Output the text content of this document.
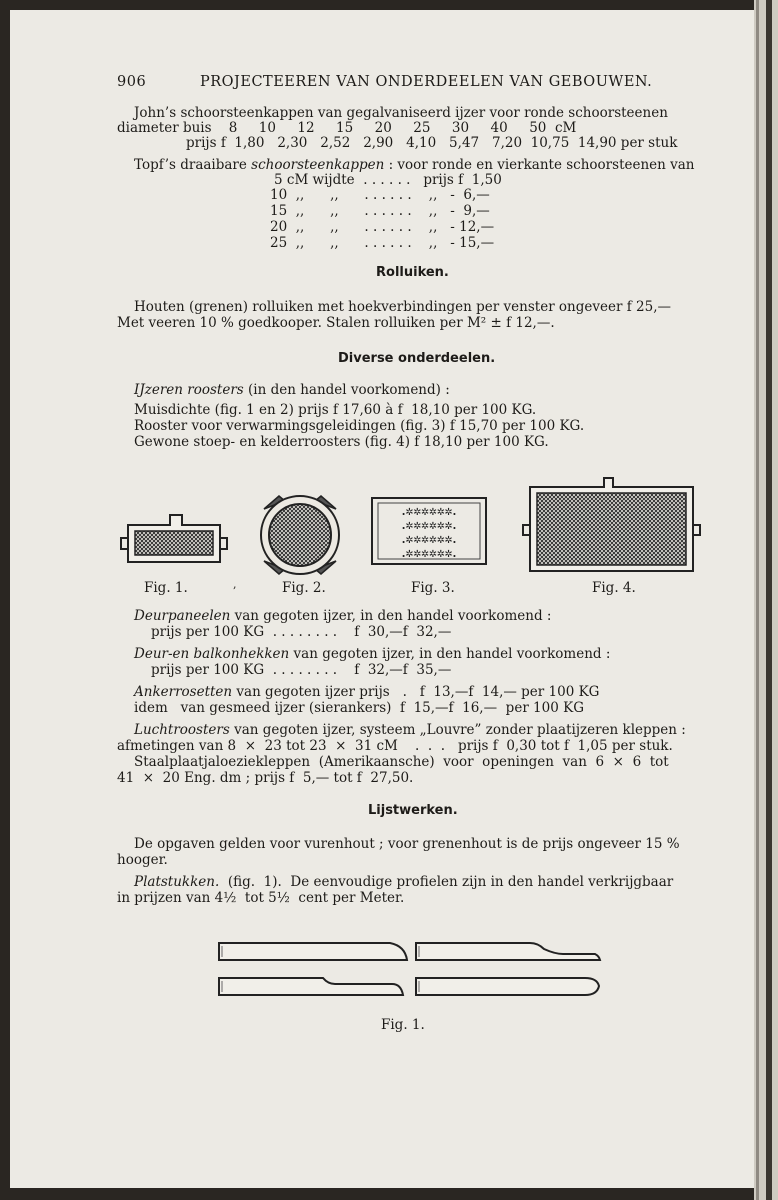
906	PROJECTEEREN VAN ONDERDEELEN VAN GEBOUWEN.
John’s schoorsteenkappen van gegalvaniseerd ijzer voor ronde schoorsteenen
diameter buis    8     10     12     15     20     25     30     40     50  cM
prijs f  1,80   2,30   2,52   2,90   4,10   5,47   7,20  10,75  14,90 per stuk
Topf’s draaibare schoorsteenkappen : voor ronde en vierkante schoorsteenen van
5 cM wijdte  . . . . . .   prijs f  1,50
10  ,,      ,,      . . . . . .    ,,   -  6,—
15  ,,      ,,      . . . . . .    ,,   -  9,—
20  ,,      ,,      . . . . . .    ,,   - 12,—
25  ,,      ,,      . . . . . .    ,,   - 15,—
Rolluiken.
Houten (grenen) rolluiken met hoekverbindingen per venster ongeveer f 25,—
Met veeren 10 % goedkooper. Stalen rolluiken per M² ± f 12,—.
Diverse onderdeelen.
IJzeren roosters (in den handel voorkomend) :
Muisdichte (fig. 1 en 2) prijs f 17,60 à f  18,10 per 100 KG.
Rooster voor verwarmingsgeleidingen (fig. 3) f 15,70 per 100 KG.
Gewone stoep- en kelderroosters (fig. 4) f 18,10 per 100 KG.
ꓸ✲✲✲✲✲✲ꓸ
ꓸ✲✲✲✲✲✲ꓸ
ꓸ✲✲✲✲✲✲ꓸ
ꓸ✲✲✲✲✲✲ꓸ
Fig. 1.	,	Fig. 2.	Fig. 3.	Fig. 4.
Deurpaneelen van gegoten ijzer, in den handel voorkomend :
prijs per 100 KG  . . . . . . . .    f  30,—f  32,—
Deur-en balkonhekken van gegoten ijzer, in den handel voorkomend :
prijs per 100 KG  . . . . . . . .    f  32,—f  35,—
Ankerrosetten van gegoten ijzer prijs   .   f  13,—f  14,— per 100 KG
idem   van gesmeed ijzer (sierankers)  f  15,—f  16,—  per 100 KG
Luchtroosters van gegoten ijzer, systeem „Louvre” zonder plaatijzeren kleppen :
afmetingen van 8  ×  23 tot 23  ×  31 cM    .  .  .   prijs f  0,30 tot f  1,05 per stuk.
Staalplaatjaloeziekleppen  (Amerikaansche)  voor  openingen  van  6  ×  6  tot
41  ×  20 Eng. dm ; prijs f  5,— tot f  27,50.
Lijstwerken.
De opgaven gelden voor vurenhout ; voor grenenhout is de prijs ongeveer 15 %
hooger.
Platstukken.  (fig.  1).  De eenvoudige profielen zijn in den handel verkrijgbaar
in prijzen van 4½  tot 5½  cent per Meter.
Fig. 1.
